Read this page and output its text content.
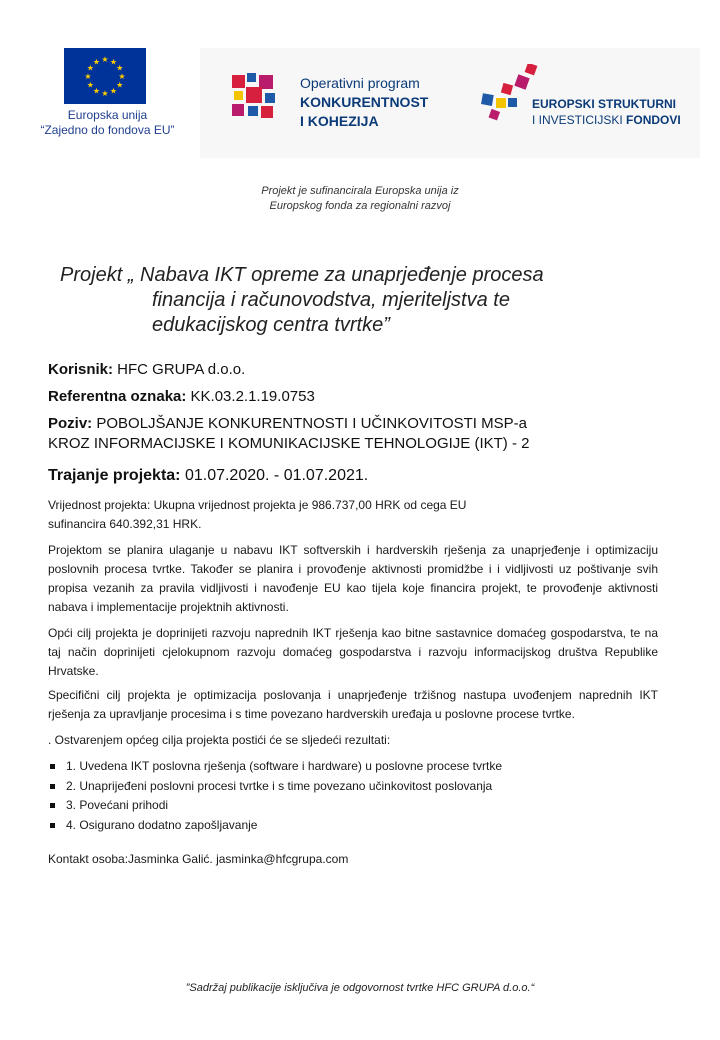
★ ★
★
★
★
★
★
★
★
★
★
★
Europska unija
“Zajedno do fondova EU”
Operativni program
KONKURENTNOST
I KOHEZIJA
EUROPSKI STRUKTURNI
I INVESTICIJSKI FONDOVI
Projekt je sufinancirala Europska unija iz
Europskog fonda za regionalni razvoj
Projekt „ Nabava IKT opreme za unaprjeđenje procesa
financija i računovodstva, mjeriteljstva te
edukacijskog centra tvrtke”
Korisnik: HFC GRUPA d.o.o.
Referentna oznaka: KK.03.2.1.19.0753
Poziv: POBOLJŠANJE KONKURENTNOSTI I UČINKOVITOSTI MSP-a
KROZ INFORMACIJSKE I KOMUNIKACIJSKE TEHNOLOGIJE (IKT) - 2
Trajanje projekta: 01.07.2020. - 01.07.2021.
Vrijednost projekta: Ukupna vrijednost projekta je 986.737,00 HRK od cega EU
sufinancira 640.392,31 HRK.
Projektom se planira ulaganje u nabavu IKT softverskih i hardverskih rješenja za unaprjeđenje i optimizaciju poslovnih procesa tvrtke. Također se planira i provođenje aktivnosti promidžbe i i vidljivosti uz poštivanje svih propisa vezanih za pravila vidljivosti i navođenje EU kao tijela koje financira projekt, te provođenje aktivnosti nabava i implementacije projektnih aktivnosti.
Opći cilj projekta je doprinijeti razvoju naprednih IKT rješenja kao bitne sastavnice domaćeg gospodarstva, te na taj način doprinijeti cjelokupnom razvoju domaćeg gospodarstva i razvoju informacijskog društva Republike Hrvatske.
Specifični cilj projekta je optimizacija poslovanja i unaprjeđenje tržišnog nastupa uvođenjem naprednih IKT rješenja za upravljanje procesima i s time povezano hardverskih uređaja u poslovne procese tvrtke.
. Ostvarenjem općeg cilja projekta postići će se sljedeći rezultati:
1. Uvedena IKT poslovna rješenja (software i hardware) u poslovne procese tvrtke
2. Unaprijeđeni poslovni procesi tvrtke i s time povezano učinkovitost poslovanja
3. Povećani prihodi
4. Osigurano dodatno zapošljavanje
Kontakt osoba:Jasminka Galić. jasminka@hfcgrupa.com
”Sadržaj publikacije isključiva je odgovornost tvrtke HFC GRUPA d.o.o.“
